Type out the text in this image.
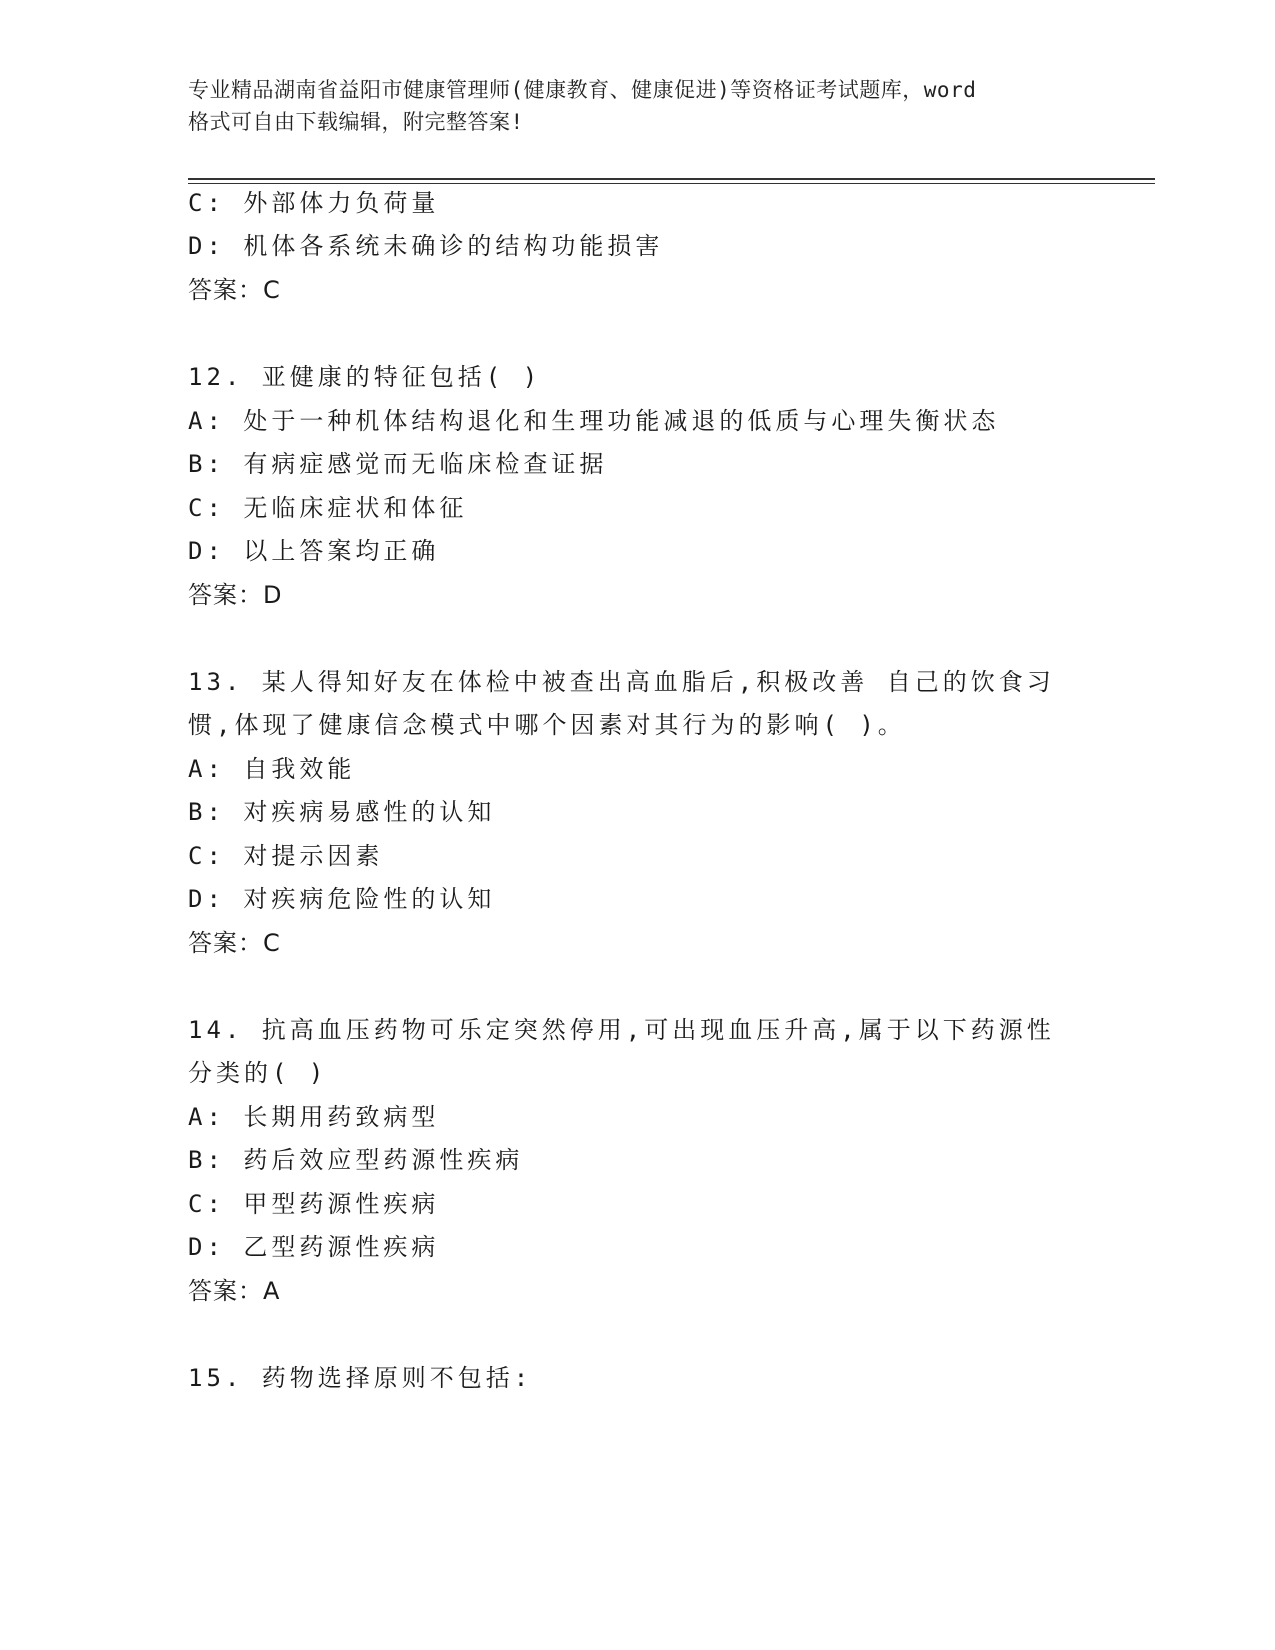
专业精品湖南省益阳市健康管理师(健康教育、健康促进)等资格证考试题库，word
格式可自由下载编辑，附完整答案!
C: 外部体力负荷量
D: 机体各系统未确诊的结构功能损害
答案：C
12. 亚健康的特征包括( )
A: 处于一种机体结构退化和生理功能减退的低质与心理失衡状态
B: 有病症感觉而无临床检查证据
C: 无临床症状和体征
D: 以上答案均正确
答案：D
13. 某人得知好友在体检中被查出高血脂后,积极改善 自己的饮食习
惯,体现了健康信念模式中哪个因素对其行为的影响( )。
A: 自我效能
B: 对疾病易感性的认知
C: 对提示因素
D: 对疾病危险性的认知
答案：C
14. 抗高血压药物可乐定突然停用,可出现血压升高,属于以下药源性
分类的( )
A: 长期用药致病型
B: 药后效应型药源性疾病
C: 甲型药源性疾病
D: 乙型药源性疾病
答案：A
15. 药物选择原则不包括:
